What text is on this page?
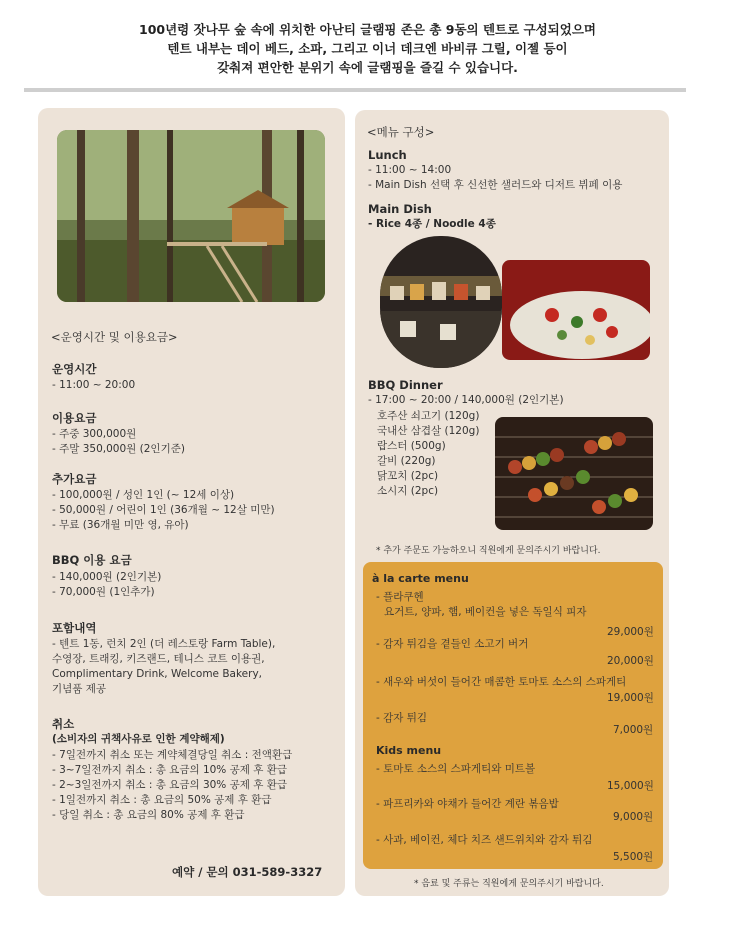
100년령 잣나무 숲 속에 위치한 아난티 글램핑 존은 총 9동의 텐트로 구성되었으며
텐트 내부는 데이 베드, 소파, 그리고 이너 데크엔 바비큐 그릴, 이젤 등이
갖춰져 편안한 분위기 속에 글램핑을 즐길 수 있습니다.
<운영시간 및 이용요금>
운영시간
- 11:00 ~ 20:00
이용요금
- 주중 300,000원
- 주말 350,000원 (2인기준)
추가요금
- 100,000원 / 성인 1인 (~ 12세 이상)
- 50,000원 / 어린이 1인 (36개월 ~ 12살 미만)
- 무료 (36개월 미만 영, 유아)
BBQ 이용 요금
- 140,000원 (2인기본)
- 70,000원 (1인추가)
포함내역
- 텐트 1동, 런치 2인 (더 레스토랑 Farm Table),
수영장, 트래킹, 키즈랜드, 테니스 코트 이용권,
Complimentary Drink, Welcome Bakery,
기념품 제공
취소
(소비자의 귀책사유로 인한 계약해제)
- 7일전까지 취소 또는 계약체결당일 취소 : 전액환급
- 3~7일전까지 취소 : 총 요금의 10% 공제 후 환급
- 2~3일전까지 취소 : 총 요금의 30% 공제 후 환급
- 1일전까지 취소 : 총 요금의 50% 공제 후 환급
- 당일 취소 : 총 요금의 80% 공제 후 환급
예약 / 문의 031-589-3327
<메뉴 구성>
Lunch
- 11:00 ~ 14:00
- Main Dish 선택 후 신선한 샐러드와 디저트 뷔페 이용
Main Dish
- Rice 4종 / Noodle 4종
BBQ Dinner
- 17:00 ~ 20:00 / 140,000원 (2인기본)
호주산 쇠고기 (120g)
국내산 삼겹살 (120g)
랍스터 (500g)
갈비 (220g)
닭꼬치 (2pc)
소시지 (2pc)
* 추가 주문도 가능하오니 직원에게 문의주시기 바랍니다.
à la carte menu
- 플라쿠헨
요거트, 양파, 햄, 베이컨을 넣은 독일식 피자
29,000원
- 감자 튀김을 곁들인 소고기 버거
20,000원
- 새우와 버섯이 들어간 매콤한 토마토 소스의 스파게티
19,000원
- 감자 튀김
7,000원
Kids menu
- 토마토 소스의 스파게티와 미트볼
15,000원
- 파프리카와 야채가 들어간 계란 볶음밥
9,000원
- 사과, 베이컨, 체다 치즈 샌드위치와 감자 튀김
5,500원
* 음료 및 주류는 직원에게 문의주시기 바랍니다.
